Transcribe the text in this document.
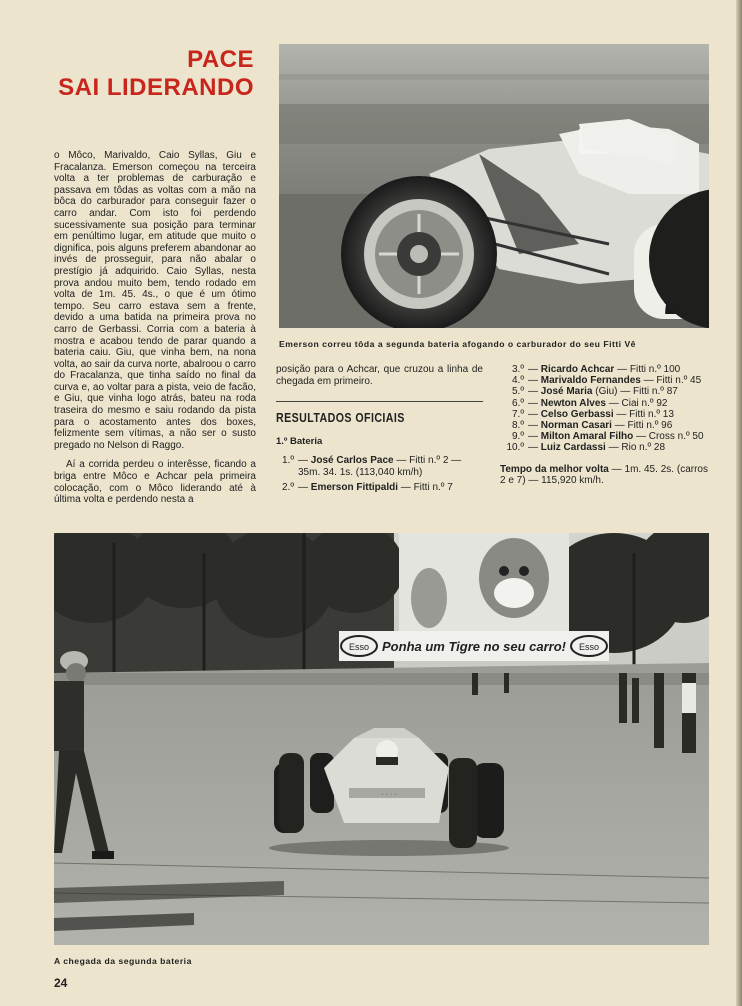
PACE
SAI LIDERANDO

o Môco, Marivaldo, Caio Syllas, Giu e Fracalanza. Emerson começou na terceira volta a ter problemas de carburação e passava em tôdas as voltas com a mão na bôca do carburador para conseguir fazer o carro andar. Com isto foi perdendo sucessivamente sua posição para terminar em penúltimo lugar, em atitude que muito o dignifica, pois alguns preferem abandonar ao invés de prosseguir, para não abalar o prestígio já adquirido. Caio Syllas, nesta prova andou muito bem, tendo rodado em volta de 1m. 45. 4s., o que é um ótimo tempo. Seu carro estava sem a frente, devido a uma batida na primeira prova no carro de Gerbassi. Corria com a bateria à mostra e acabou tendo de parar quando a bateria caiu. Giu, que vinha bem, na nona volta, ao sair da curva norte, abalroou o carro do Fracalanza, que tinha saído no final da curva e, ao voltar para a pista, veio de facão, e Giu, que vinha logo atrás, bateu na roda traseira do mesmo e saiu rodando da pista para o acostamento antes dos boxes, felizmente sem vítimas, a não ser o susto pregado no Nelson di Raggo.

Aí a corrida perdeu o interêsse, ficando a briga entre Môco e Achcar pela primeira colocação, com o Môco liderando até à última volta e perdendo nesta a

Emerson correu tôda a segunda bateria afogando o carburador do seu Fitti Vê

posição para o Achcar, que cruzou a linha de chegada em primeiro.

RESULTADOS OFICIAIS
1.º Bateria
1.º — José Carlos Pace — Fitti n.º 2 — 35m. 34. 1s. (113,040 km/h)
2.º — Emerson Fittipaldi — Fitti n.º 7
3.º — Ricardo Achcar — Fitti n.º 100
4.º — Marivaldo Fernandes — Fitti n.º 45
5.º — José Maria (Giu) — Fitti n.º 87
6.º — Newton Alves — Ciai n.º 92
7.º — Celso Gerbassi — Fitti n.º 13
8.º — Norman Casari — Fitti n.º 96
9.º — Milton Amaral Filho — Cross n.º 50
10.º — Luiz Cardassi — Rio n.º 28

Tempo da melhor volta — 1m. 45. 2s. (carros 2 e 7) — 115,920 km/h.

Esso Ponha um Tigre no seu carro! Esso
· · · ·
A chegada da segunda bateria
24
